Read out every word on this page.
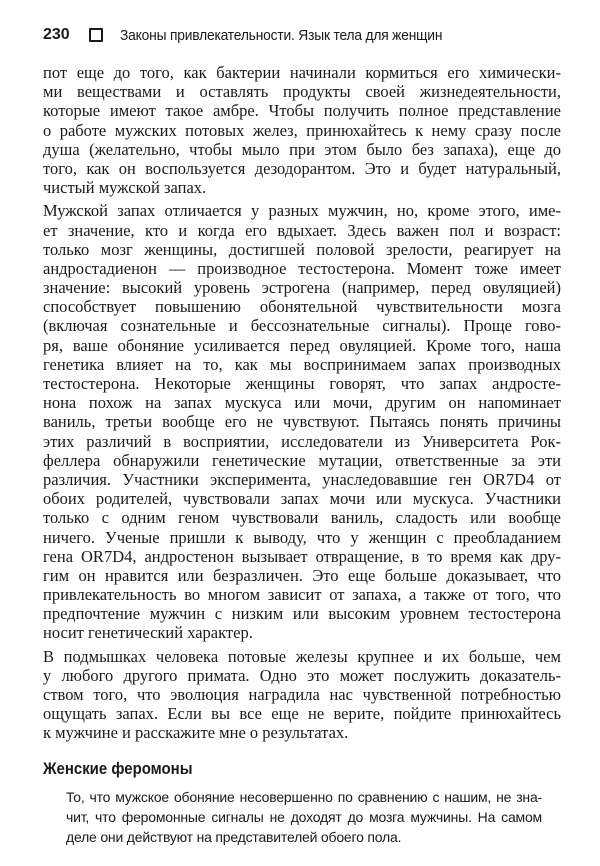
230	Законы привлекательности. Язык тела для женщин
пот еще до того, как бактерии начинали кормиться его химически-
ми веществами и оставлять продукты своей жизнедеятельности,
которые имеют такое амбре. Чтобы получить полное представление
о работе мужских потовых желез, принюхайтесь к нему сразу после
душа (желательно, чтобы мыло при этом было без запаха), еще до
того, как он воспользуется дезодорантом. Это и будет натуральный,
чистый мужской запах.
Мужской запах отличается у разных мужчин, но, кроме этого, име-
ет значение, кто и когда его вдыхает. Здесь важен пол и возраст:
только мозг женщины, достигшей половой зрелости, реагирует на
андростадиенон — производное тестостерона. Момент тоже имеет
значение: высокий уровень эстрогена (например, перед овуляцией)
способствует повышению обонятельной чувствительности мозга
(включая сознательные и бессознательные сигналы). Проще гово-
ря, ваше обоняние усиливается перед овуляцией. Кроме того, наша
генетика влияет на то, как мы воспринимаем запах производных
тестостерона. Некоторые женщины говорят, что запах андросте-
нона похож на запах мускуса или мочи, другим он напоминает
ваниль, третьи вообще его не чувствуют. Пытаясь понять причины
этих различий в восприятии, исследователи из Университета Рок-
феллера обнаружили генетические мутации, ответственные за эти
различия. Участники эксперимента, унаследовавшие ген OR7D4 от
обоих родителей, чувствовали запах мочи или мускуса. Участники
только с одним геном чувствовали ваниль, сладость или вообще
ничего. Ученые пришли к выводу, что у женщин с преобладанием
гена OR7D4, андростенон вызывает отвращение, в то время как дру-
гим он нравится или безразличен. Это еще больше доказывает, что
привлекательность во многом зависит от запаха, а также от того, что
предпочтение мужчин с низким или высоким уровнем тестостерона
носит генетический характер.
В подмышках человека потовые железы крупнее и их больше, чем
у любого другого примата. Одно это может послужить доказатель-
ством того, что эволюция наградила нас чувственной потребностью
ощущать запах. Если вы все еще не верите, пойдите принюхайтесь
к мужчине и расскажите мне о результатах.
Женские феромоны
То, что мужское обоняние несовершенно по сравнению с нашим, не зна-
чит, что феромонные сигналы не доходят до мозга мужчины. На самом
деле они действуют на представителей обоего пола.
